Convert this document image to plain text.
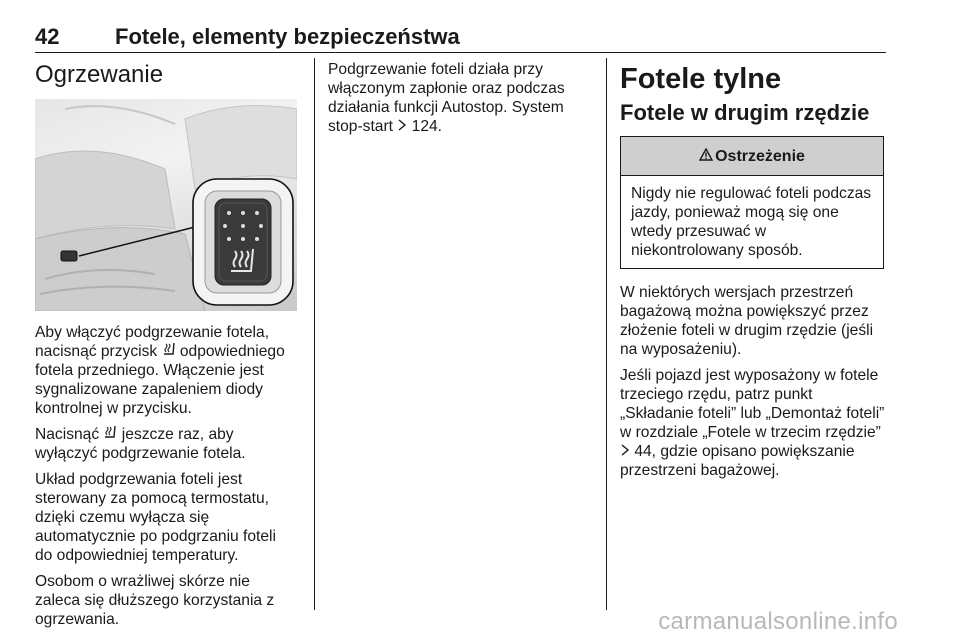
42	Fotele, elementy bezpieczeństwa
Ogrzewanie

Aby włączyć podgrzewanie fotela, nacisnąć przycisk  odpowiedniego fotela przedniego. Włączenie jest sygnalizowane zapaleniem diody kontrolnej w przycisku.

Nacisnąć  jeszcze raz, aby wyłączyć podgrzewanie fotela.

Układ podgrzewania foteli jest sterowany za pomocą termostatu, dzięki czemu wyłącza się automatycznie po podgrzaniu foteli do odpowiedniej temperatury.

Osobom o wrażliwej skórze nie zaleca się dłuższego korzystania z ogrzewania.

Podgrzewanie foteli działa przy włączonym zapłonie oraz podczas działania funkcji Autostop. System stop-start  124.

Fotele tylne
Fotele w drugim rzędzie
Ostrzeżenie
Nigdy nie regulować foteli podczas jazdy, ponieważ mogą się one wtedy przesuwać w niekontrolowany sposób.

W niektórych wersjach przestrzeń bagażową można powiększyć przez złożenie foteli w drugim rzędzie (jeśli na wyposażeniu).

Jeśli pojazd jest wyposażony w fotele trzeciego rzędu, patrz punkt „Składanie foteli” lub „Demontaż foteli” w rozdziale „Fotele w trzecim rzędzie”  44, gdzie opisano powiększanie przestrzeni bagażowej.

carmanualsonline.info
